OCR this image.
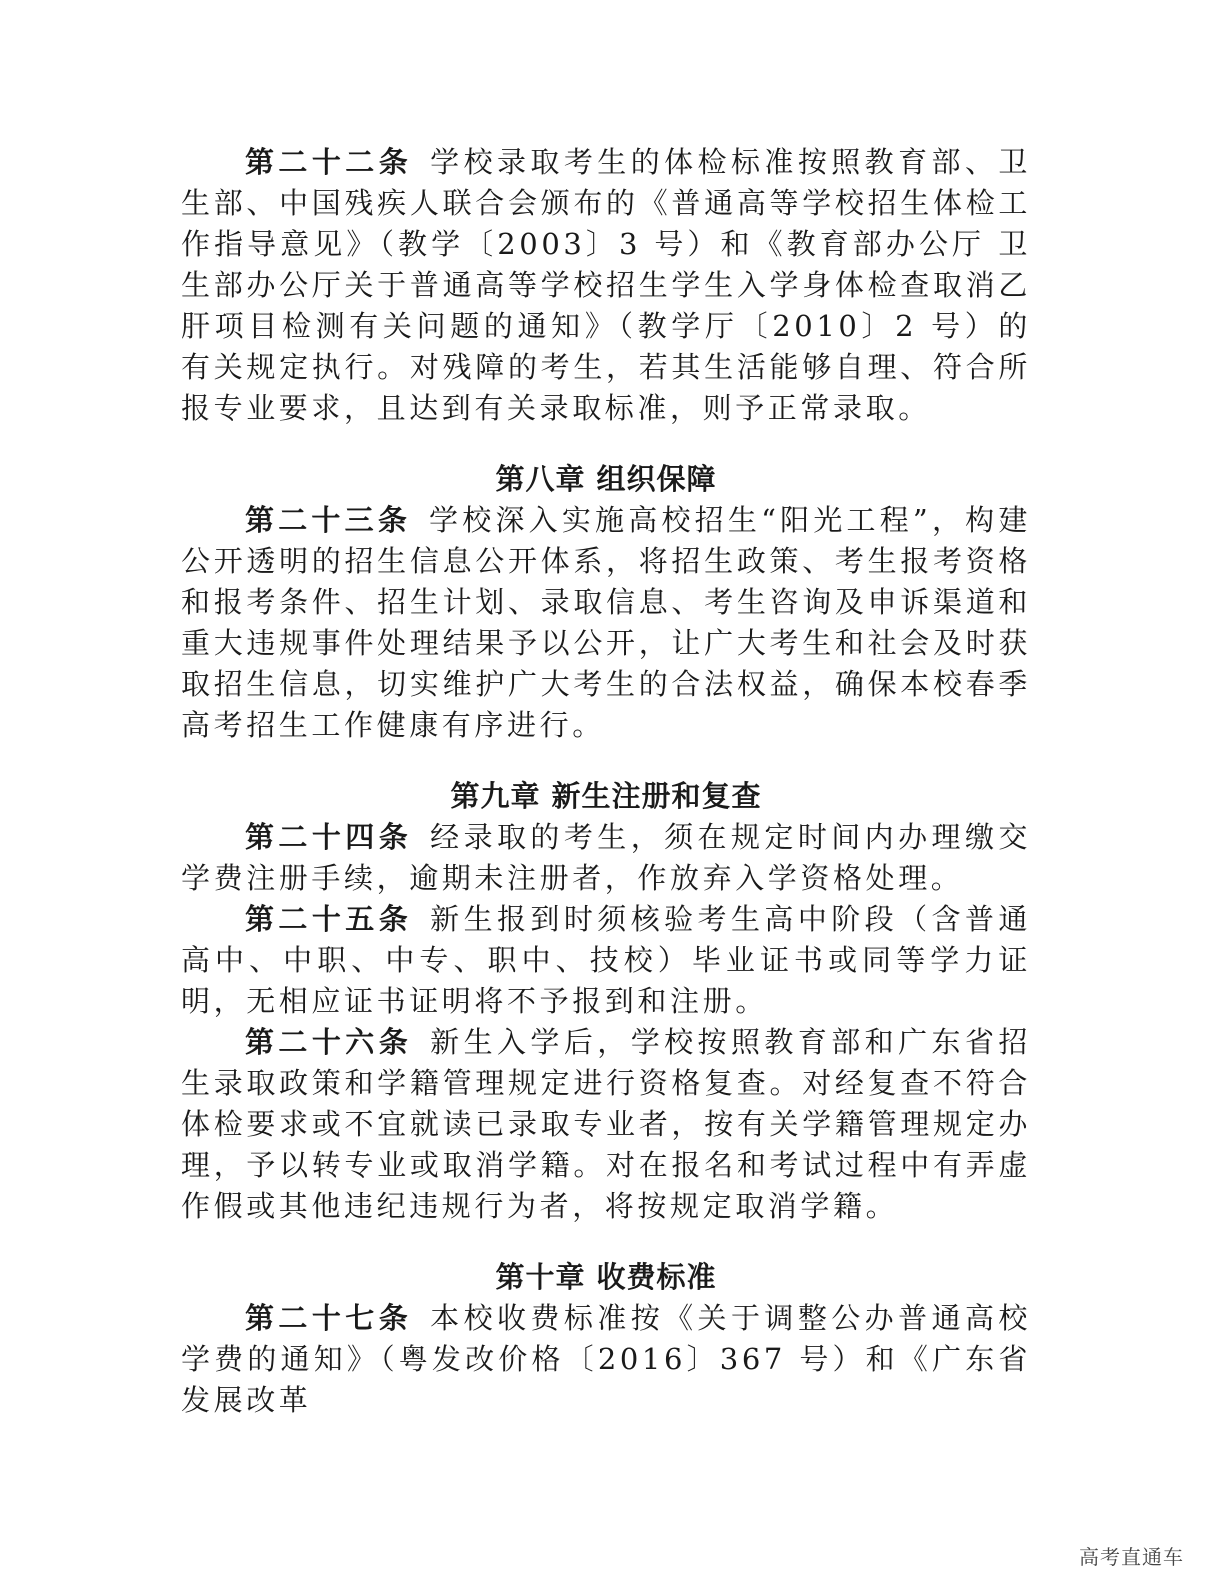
第二十二条 学校录取考生的体检标准按照教育部、卫生部、中国残疾人联合会颁布的《普通高等学校招生体检工作指导意见》（教学〔2003〕3 号）和《教育部办公厅 卫生部办公厅关于普通高等学校招生学生入学身体检查取消乙肝项目检测有关问题的通知》（教学厅〔2010〕2 号）的有关规定执行。对残障的考生，若其生活能够自理、符合所报专业要求，且达到有关录取标准，则予正常录取。

第八章 组织保障

第二十三条 学校深入实施高校招生“阳光工程”，构建公开透明的招生信息公开体系，将招生政策、考生报考资格和报考条件、招生计划、录取信息、考生咨询及申诉渠道和重大违规事件处理结果予以公开，让广大考生和社会及时获取招生信息，切实维护广大考生的合法权益，确保本校春季高考招生工作健康有序进行。

第九章 新生注册和复查

第二十四条 经录取的考生，须在规定时间内办理缴交学费注册手续，逾期未注册者，作放弃入学资格处理。

第二十五条 新生报到时须核验考生高中阶段（含普通高中、中职、中专、职中、技校）毕业证书或同等学力证明，无相应证书证明将不予报到和注册。

第二十六条 新生入学后，学校按照教育部和广东省招生录取政策和学籍管理规定进行资格复查。对经复查不符合体检要求或不宜就读已录取专业者，按有关学籍管理规定办理，予以转专业或取消学籍。对在报名和考试过程中有弄虚作假或其他违纪违规行为者，将按规定取消学籍。

第十章 收费标准

第二十七条 本校收费标准按《关于调整公办普通高校学费的通知》（粤发改价格〔2016〕367 号）和《广东省发展改革

高考直通车
